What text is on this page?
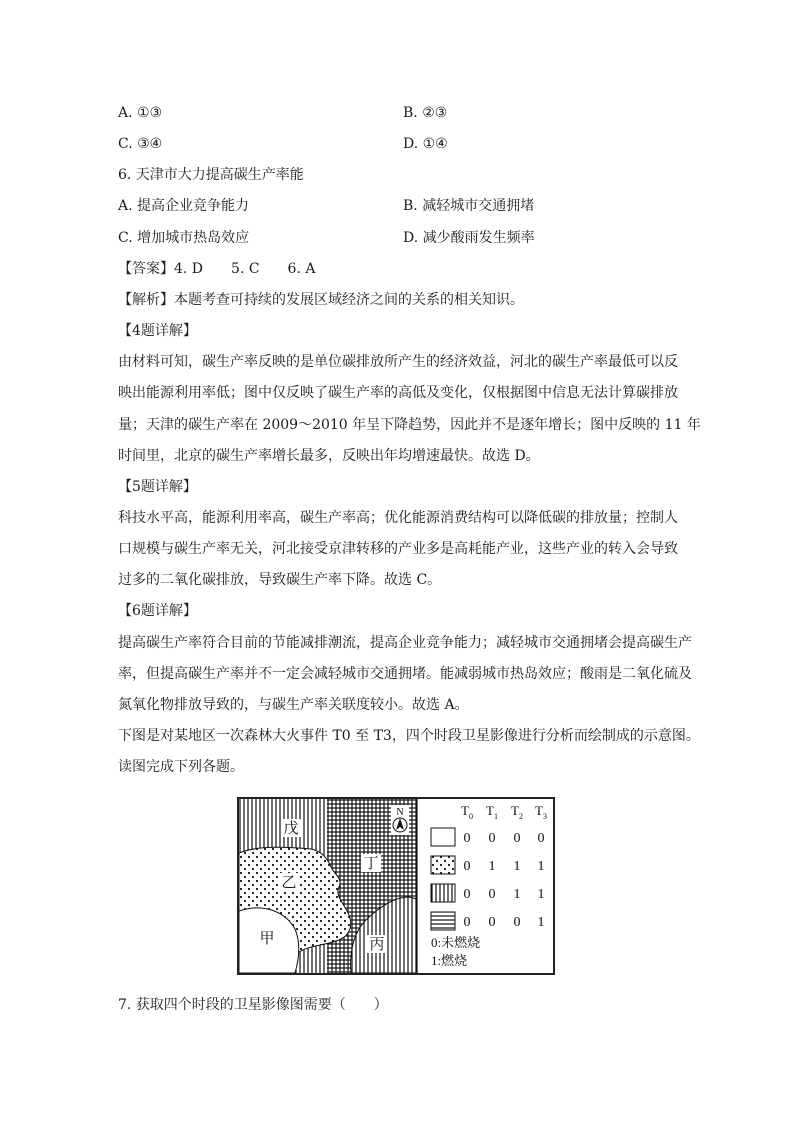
A. ①③	B. ②③
C. ③④	D. ①④
6. 天津市大力提高碳生产率能
A. 提高企业竞争能力	B. 减轻城市交通拥堵
C. 增加城市热岛效应	D. 减少酸雨发生频率
【答案】4. D　　5. C　　6. A
【解析】本题考查可持续的发展区域经济之间的关系的相关知识。
【4题详解】
由材料可知，碳生产率反映的是单位碳排放所产生的经济效益，河北的碳生产率最低可以反
映出能源利用率低；图中仅反映了碳生产率的高低及变化，仅根据图中信息无法计算碳排放
量；天津的碳生产率在 2009～2010 年呈下降趋势，因此并不是逐年增长；图中反映的 11 年
时间里，北京的碳生产率增长最多，反映出年均增速最快。故选 D。
【5题详解】
科技水平高，能源利用率高，碳生产率高；优化能源消费结构可以降低碳的排放量；控制人
口规模与碳生产率无关，河北接受京津转移的产业多是高耗能产业，这些产业的转入会导致
过多的二氧化碳排放，导致碳生产率下降。故选 C。
【6题详解】
提高碳生产率符合目前的节能减排潮流，提高企业竞争能力；减轻城市交通拥堵会提高碳生产
率，但提高碳生产率并不一定会减轻城市交通拥堵。能减弱城市热岛效应；酸雨是二氧化硫及
氮氧化物排放导致的，与碳生产率关联度较小。故选 A。
下图是对某地区一次森林大火事件 T0 至 T3，四个时段卫星影像进行分析而绘制成的示意图。
读图完成下列各题。
戊
乙
丁
甲	丙
N	T 0 T 1 T 2 T 3
0 0 0 0
0 1 1 1
0 0 1 1
0 0 0 1
0:未燃烧
1:燃烧
7. 获取四个时段的卫星影像图需要（　　）
